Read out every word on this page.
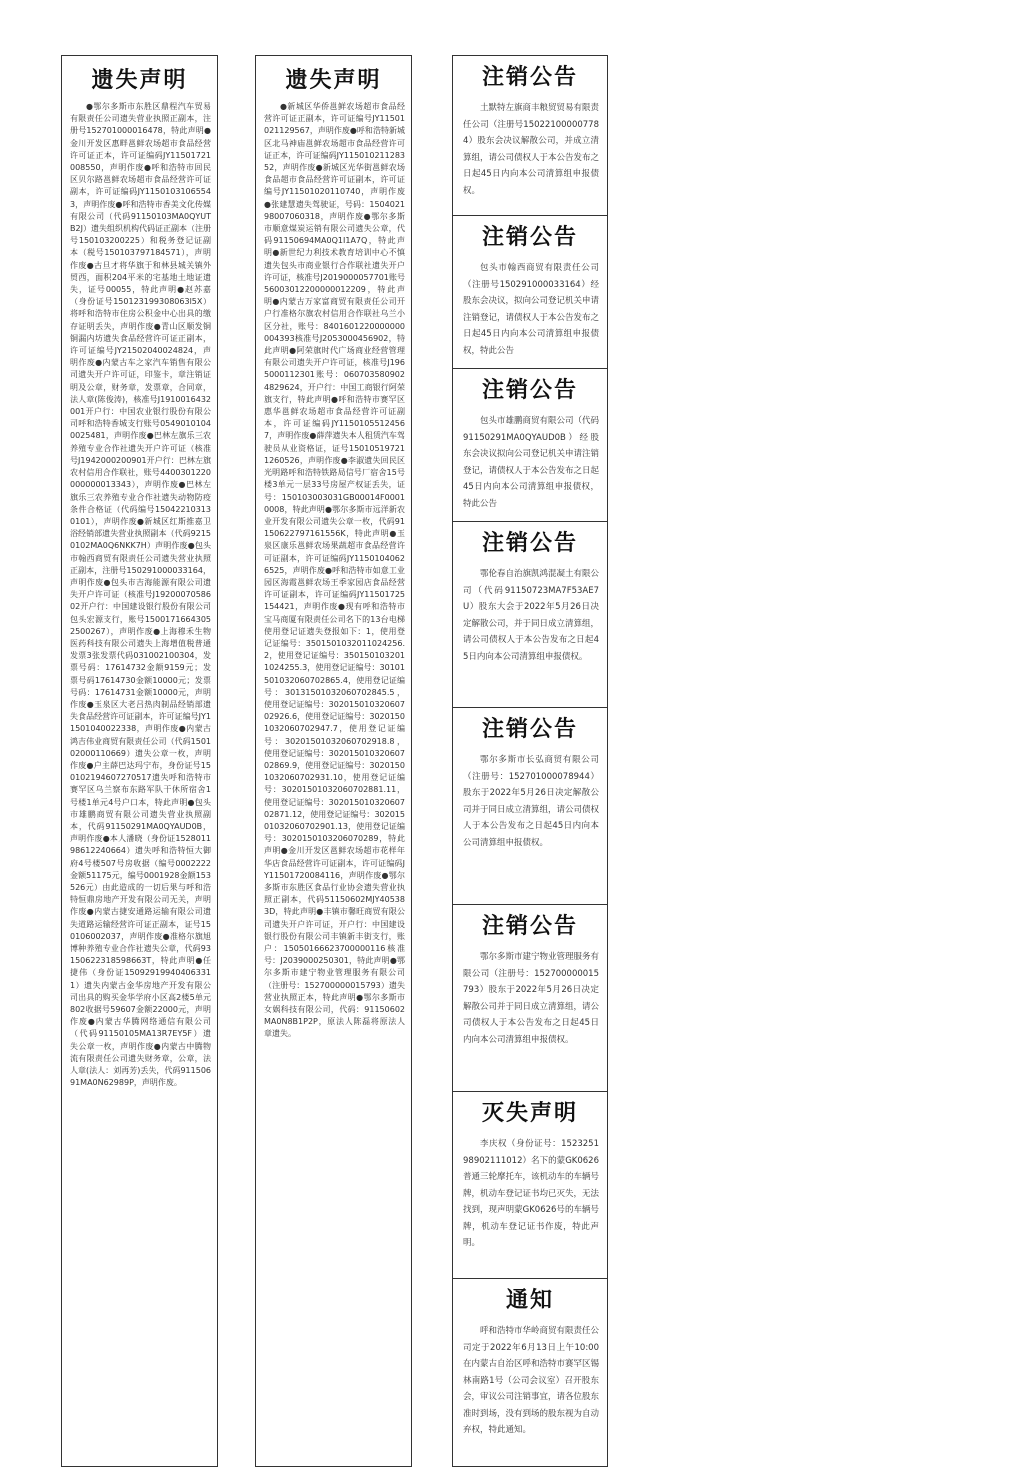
遗失声明

●鄂尔多斯市东胜区鼎程汽车贸易有限责任公司遗失营业执照正副本，注册号152701000016478，特此声明●金川开发区惠畔邕鲜农场超市食品经营许可证正本，许可证编码JY11501721008550，声明作废●呼和浩特市回民区贝尔路邕鲜农场超市食品经营许可证副本，许可证编码JY11501031065543，声明作废●呼和浩特市香美文化传媒有限公司（代码91150103MA0QYUTB2J）遗失组织机构代码证正副本（注册号150103200225）和税务登记证副本（税号150103797184571），声明作废●古旦才将华旗于和林县城关镇外贸西，面积204平米的宅基地土地证遗失，证号00055，特此声明●赵苏嘉（身份证号150123199308063l5X）将呼和浩特市住房公积金中心出具的缴存证明丢失，声明作废●青山区顺发铜铜漏内坊遗失食品经营许可证正副本，许可证编号JY21502040024824，声明作废●内蒙古车之家汽车销售有限公司遗失开户许可证，印鉴卡，章注销证明及公章，财务章，发票章，合同章，法人章(陈俊涛)，核准号J1910016432001开户行：中国农业银行股份有限公司呼和浩特香城支行账号05490101040025481，声明作废●巴林左旗乐三农养殖专业合作社遗失开户许可证（核准号J1942000200901开户行：巴林左旗农村信用合作联社，账号4400301220000000013343），声明作废●巴林左旗乐三农养殖专业合作社遗失动物防疫条件合格证（代码编号150422103130101），声明作废●新城区红斯推嘉卫浴经销部遗失营业执照副本（代码92150102MA0Q6NKK7H）声明作废●包头市翰西商贸有限责任公司遗失营业执照正副本，注册号150291000033164，声明作废●包头市吉海能源有限公司遗失开户许可证（核准号J1920007058602开户行：中国建设银行股份有限公司包头宏源支行，账号15001716643052500267），声明作废●上海穆禾生物医药科技有限公司遗失上海增值税普通发票3张发票代码031002100304，发票号码：17614732金额9159元；发票号码17614730金额10000元；发票号码：17614731金额10000元，声明作废●玉泉区大老吕热肉制品经销部遗失食品经营许可证副本，许可证编号JY11501040022338，声明作废●内蒙古鸿吉伟业商贸有限责任公司（代码150102000110669）遗失公章一枚，声明作废●户主薛巴达玛宁布，身份证号150102194607270517遗失呼和浩特市赛罕区乌兰察布东路军队干休所宿舍1号楼1单元4号户口本，特此声明●包头市雄鹏商贸有限公司遗失营业执照副本，代码91150291MA0QYAUD0B，声明作废●本人潘晓（身份证152801198612240664）遗失呼和浩特恒大御府4号楼507号房收据（编号0002222金额51175元，编号0001928金额153526元）由此造成的一切后果与呼和浩特恒鼎房地产开发有限公司无关，声明作废●内蒙古捷安通路运输有限公司遗失道路运输经营许可证正副本，证号150106002037，声明作废●准格尔旗旭博种养殖专业合作社遗失公章，代码93150622318598663T，特此声明●任捷伟（身份证150929199404063311）遗失内蒙古金华房地产开发有限公司出具的购买金华学府小区高2楼5单元802收据号59607金额22000元，声明作废●内蒙古华腾网络通信有限公司（代码91150105MA13R7EY5F）遗失公章一枚，声明作废●内蒙古中腾物流有限责任公司遗失财务章，公章，法人章(法人：刘再芳)丢失，代码91150691MA0N62989P，声明作废。

遗失声明

●新城区华侨邕鲜农场超市食品经营许可证正副本，许可证编号JY11501021129567，声明作废●呼和浩特新城区北马神庙邕鲜农场超市食品经营许可证正本，许可证编码JY11501021128352，声明作废●新城区光华街邕鲜农场食品超市食品经营许可证副本，许可证编号JY11501020110740，声明作废●张建慧遗失驾驶证，号码：150402198007060318，声明作废●鄂尔多斯市顺意煤炭运销有限公司遗失公章，代码91150694MA0Q1I1A7Q，特此声明●新世纪力利技术教育培训中心不慎遗失包头市商业银行合作联社遗失开户许可证，核准号J2019000057701账号56003012200000012209，特此声明●内蒙古万家富商贸有限责任公司开户行准格尔旗农村信用合作联社乌兰小区分社，账号：8401601220000000004393核准号J2053000456902，特此声明●阿荣旗时代广场商业经营管理有限公司遗失开户许可证，核准号J1965000112301账号：0607035809024829624，开户行：中国工商银行阿荣旗支行，特此声明●呼和浩特市赛罕区惠华邕鲜农场超市食品经营许可证副本，许可证编码JY11501055124567，声明作废●薛萍遗失本人租赁汽车驾驶员从业资格证，证号150105197211260526，声明作废●李淑遗失回民区光明路呼和浩特铁路局信号厂宿舍15号楼3单元一层33号房屋产权证丢失，证号：150103003031GB00014F00010008，特此声明●鄂尔多斯市远洋新农业开发有限公司遗失公章一枚，代码91150622797161556K，特此声明●玉泉区康乐邕鲜农场果蔬超市食品经营许可证副本，许可证编码JY11501040626525，声明作废●呼和浩特市如意工业园区海霞邕鲜农场王季家园店食品经营许可证副本，许可证编码JY11501725154421，声明作废●现有呼和浩特市宝马商厦有限责任公司名下的13台电梯使用登记证遗失登报如下：1，使用登记证编号：3501501032011024256.2，使用登记证编号：3501501032011024255.3，使用登记证编号：30101501032060702865.4，使用登记证编号：30131501032060702845.5，使用登记证编号：30201501032060702926.6，使用登记证编号：30201501032060702947.7，使用登记证编号：30201501032060702918.8，使用登记证编号：30201501032060702869.9，使用登记证编号：30201501032060702931.10，使用登记证编号：30201501032060702881.11，使用登记证编号：30201501032060702871.12，使用登记证编号：30201501032060702901.13，使用登记证编号：3020150103206070289，特此声明●金川开发区邕鲜农场超市花样年华店食品经营许可证副本，许可证编码JY11501720084116，声明作废●鄂尔多斯市东胜区食品行业协会遗失营业执照正副本，代码51150602MJY405383D，特此声明●丰镇市馨旺商贸有限公司遗失开户许可证，开户行：中国建设银行股份有限公司丰镇新丰街支行，账户：15050166623700000116核准号：J2039000250301，特此声明●鄂尔多斯市建宁物业管理服务有限公司（注册号：152700000015793）遗失营业执照正本，特此声明●鄂尔多斯市女娲科技有限公司，代码：91150602MA0N8B1P2P，原法人陈磊将原法人章遗失。

注销公告

土默特左旗商丰粮贸贸易有限责任公司（注册号150221000007784）股东会决议解散公司，并成立清算组，请公司债权人于本公告发布之日起45日内向本公司清算组申报债权。

注销公告

包头市翰西商贸有限责任公司（注册号150291000033164）经股东会决议，拟向公司登记机关申请注销登记，请债权人于本公告发布之日起45日内向本公司清算组申报债权，特此公告

注销公告

包头市雄鹏商贸有限公司（代码91150291MA0QYAUD0B）经股东会决议拟向公司登记机关申请注销登记，请债权人于本公告发布之日起45日内向本公司清算组申报债权，特此公告

注销公告

鄂伦春自治旗凯鸿混凝土有限公司（代码91150723MA7F53AE7U）股东大会于2022年5月26日决定解散公司，并于同日成立清算组，请公司债权人于本公告发布之日起45日内向本公司清算组申报债权。

注销公告

鄂尔多斯市长弘商贸有限公司（注册号：152701000078944）股东于2022年5月26日决定解散公司并于同日成立清算组，请公司债权人于本公告发布之日起45日内向本公司清算组申报债权。

注销公告

鄂尔多斯市建宁物业管理服务有限公司（注册号：152700000015793）股东于2022年5月26日决定解散公司并于同日成立清算组，请公司债权人于本公告发布之日起45日内向本公司清算组申报债权。

灭失声明

李庆权（身份证号：152325198902111012）名下的蒙GK0626普通三轮摩托车，该机动车的车辆号牌，机动车登记证书均已灭失，无法找到，现声明蒙GK0626号的车辆号牌，机动车登记证书作废，特此声明。

通知

呼和浩特市华岭商贸有限责任公司定于2022年6月13日上午10:00在内蒙古自治区呼和浩特市赛罕区锡林南路1号（公司会议室）召开股东会，审议公司注销事宜，请各位股东准时到场，没有到场的股东视为自动弃权，特此通知。
